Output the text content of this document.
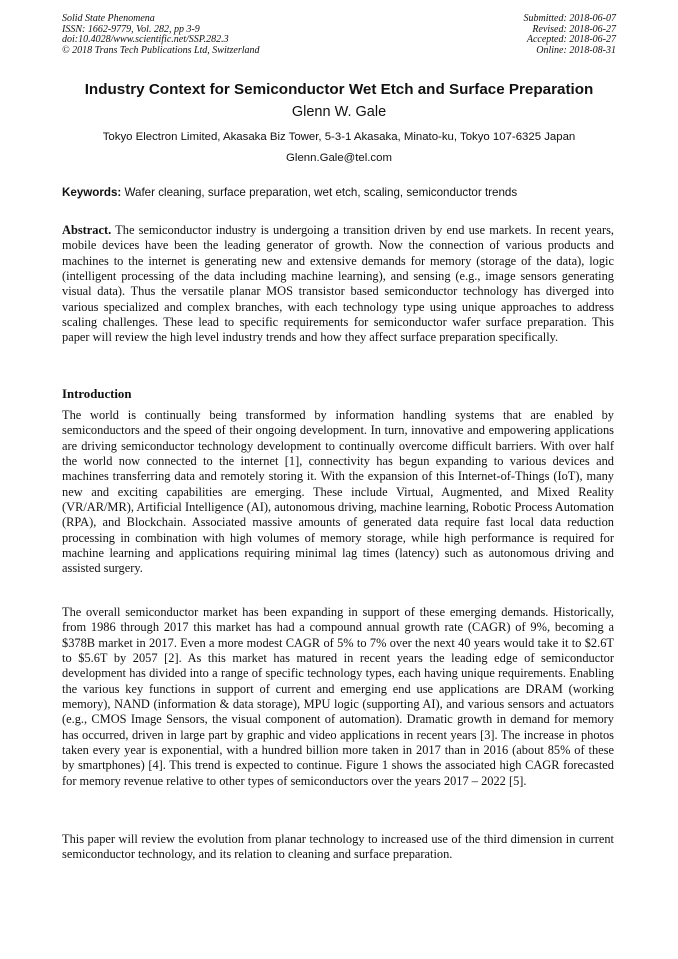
Solid State Phenomena
ISSN: 1662-9779, Vol. 282, pp 3-9
doi:10.4028/www.scientific.net/SSP.282.3
© 2018 Trans Tech Publications Ltd, Switzerland
Submitted: 2018-06-07
Revised: 2018-06-27
Accepted: 2018-06-27
Online: 2018-08-31
Industry Context for Semiconductor Wet Etch and Surface Preparation
Glenn W. Gale
Tokyo Electron Limited, Akasaka Biz Tower, 5-3-1 Akasaka, Minato-ku, Tokyo 107-6325 Japan
Glenn.Gale@tel.com
Keywords: Wafer cleaning, surface preparation, wet etch, scaling, semiconductor trends

Abstract. The semiconductor industry is undergoing a transition driven by end use markets. In recent years, mobile devices have been the leading generator of growth. Now the connection of various products and machines to the internet is generating new and extensive demands for memory (storage of the data), logic (intelligent processing of the data including machine learning), and sensing (e.g., image sensors generating visual data). Thus the versatile planar MOS transistor based semiconductor technology has diverged into various specialized and complex branches, with each technology type using unique approaches to address scaling challenges. These lead to specific requirements for semiconductor wafer surface preparation. This paper will review the high level industry trends and how they affect surface preparation specifically.

Introduction

The world is continually being transformed by information handling systems that are enabled by semiconductors and the speed of their ongoing development. In turn, innovative and empowering applications are driving semiconductor technology development to continually overcome difficult barriers. With over half the world now connected to the internet [1], connectivity has begun expanding to various devices and machines transferring data and remotely storing it. With the expansion of this Internet-of-Things (IoT), many new and exciting capabilities are emerging. These include Virtual, Augmented, and Mixed Reality (VR/AR/MR), Artificial Intelligence (AI), autonomous driving, machine learning, Robotic Process Automation (RPA), and Blockchain. Associated massive amounts of generated data require fast local data reduction processing in combination with high volumes of memory storage, while high performance is required for machine learning and applications requiring minimal lag times (latency) such as autonomous driving and assisted surgery.

The overall semiconductor market has been expanding in support of these emerging demands. Historically, from 1986 through 2017 this market has had a compound annual growth rate (CAGR) of 9%, becoming a $378B market in 2017. Even a more modest CAGR of 5% to 7% over the next 40 years would take it to $2.6T to $5.6T by 2057 [2]. As this market has matured in recent years the leading edge of semiconductor development has divided into a range of specific technology types, each having unique requirements. Enabling the various key functions in support of current and emerging end use applications are DRAM (working memory), NAND (information & data storage), MPU logic (supporting AI), and various sensors and actuators (e.g., CMOS Image Sensors, the visual component of automation). Dramatic growth in demand for memory has occurred, driven in large part by graphic and video applications in recent years [3]. The increase in photos taken every year is exponential, with a hundred billion more taken in 2017 than in 2016 (about 85% of these by smartphones) [4]. This trend is expected to continue. Figure 1 shows the associated high CAGR forecasted for memory revenue relative to other types of semiconductors over the years 2017 – 2022 [5].

This paper will review the evolution from planar technology to increased use of the third dimension in current semiconductor technology, and its relation to cleaning and surface preparation.
